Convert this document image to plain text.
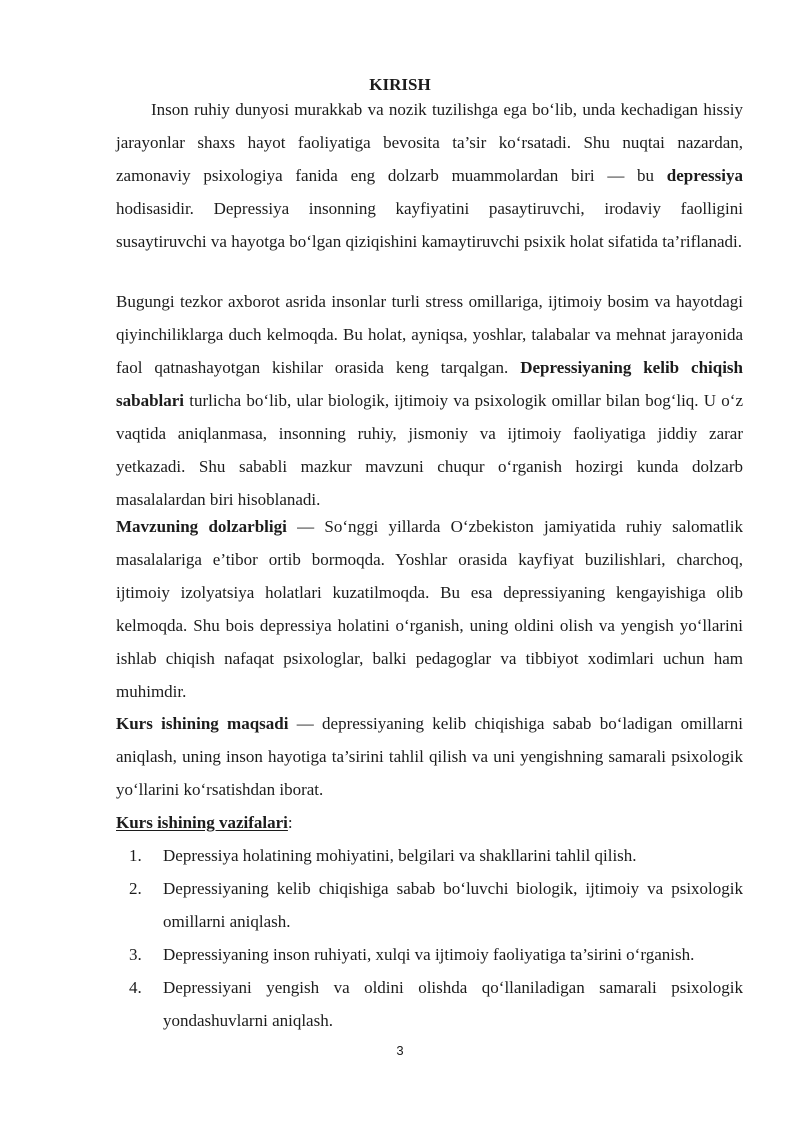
KIRISH

Inson ruhiy dunyosi murakkab va nozik tuzilishga ega bo‘lib, unda kechadigan hissiy jarayonlar shaxs hayot faoliyatiga bevosita ta’sir ko‘rsatadi. Shu nuqtai nazardan, zamonaviy psixologiya fanida eng dolzarb muammolardan biri — bu depressiya hodisasidir. Depressiya insonning kayfiyatini pasaytiruvchi, irodaviy faolligini susaytiruvchi va hayotga bo‘lgan qiziqishini kamaytiruvchi psixik holat sifatida ta’riflanadi.

Bugungi tezkor axborot asrida insonlar turli stress omillariga, ijtimoiy bosim va hayotdagi qiyinchiliklarga duch kelmoqda. Bu holat, ayniqsa, yoshlar, talabalar va mehnat jarayonida faol qatnashayotgan kishilar orasida keng tarqalgan. Depressiyaning kelib chiqish sabablari turlicha bo‘lib, ular biologik, ijtimoiy va psixologik omillar bilan bog‘liq. U o‘z vaqtida aniqlanmasa, insonning ruhiy, jismoniy va ijtimoiy faoliyatiga jiddiy zarar yetkazadi. Shu sababli mazkur mavzuni chuqur o‘rganish hozirgi kunda dolzarb masalalardan biri hisoblanadi.

Mavzuning dolzarbligi — So‘nggi yillarda O‘zbekiston jamiyatida ruhiy salomatlik masalalariga e’tibor ortib bormoqda. Yoshlar orasida kayfiyat buzilishlari, charchoq, ijtimoiy izolyatsiya holatlari kuzatilmoqda. Bu esa depressiyaning kengayishiga olib kelmoqda. Shu bois depressiya holatini o‘rganish, uning oldini olish va yengish yo‘llarini ishlab chiqish nafaqat psixologlar, balki pedagoglar va tibbiyot xodimlari uchun ham muhimdir.

Kurs ishining maqsadi — depressiyaning kelib chiqishiga sabab bo‘ladigan omillarni aniqlash, uning inson hayotiga ta’sirini tahlil qilish va uni yengishning samarali psixologik yo‘llarini ko‘rsatishdan iborat.

Kurs ishining vazifalari:

1. Depressiya holatining mohiyatini, belgilari va shakllarini tahlil qilish.
2. Depressiyaning kelib chiqishiga sabab bo‘luvchi biologik, ijtimoiy va psixologik omillarni aniqlash.
3. Depressiyaning inson ruhiyati, xulqi va ijtimoiy faoliyatiga ta’sirini o‘rganish.
4. Depressiyani yengish va oldini olishda qo‘llaniladigan samarali psixologik yondashuvlarni aniqlash.
3
